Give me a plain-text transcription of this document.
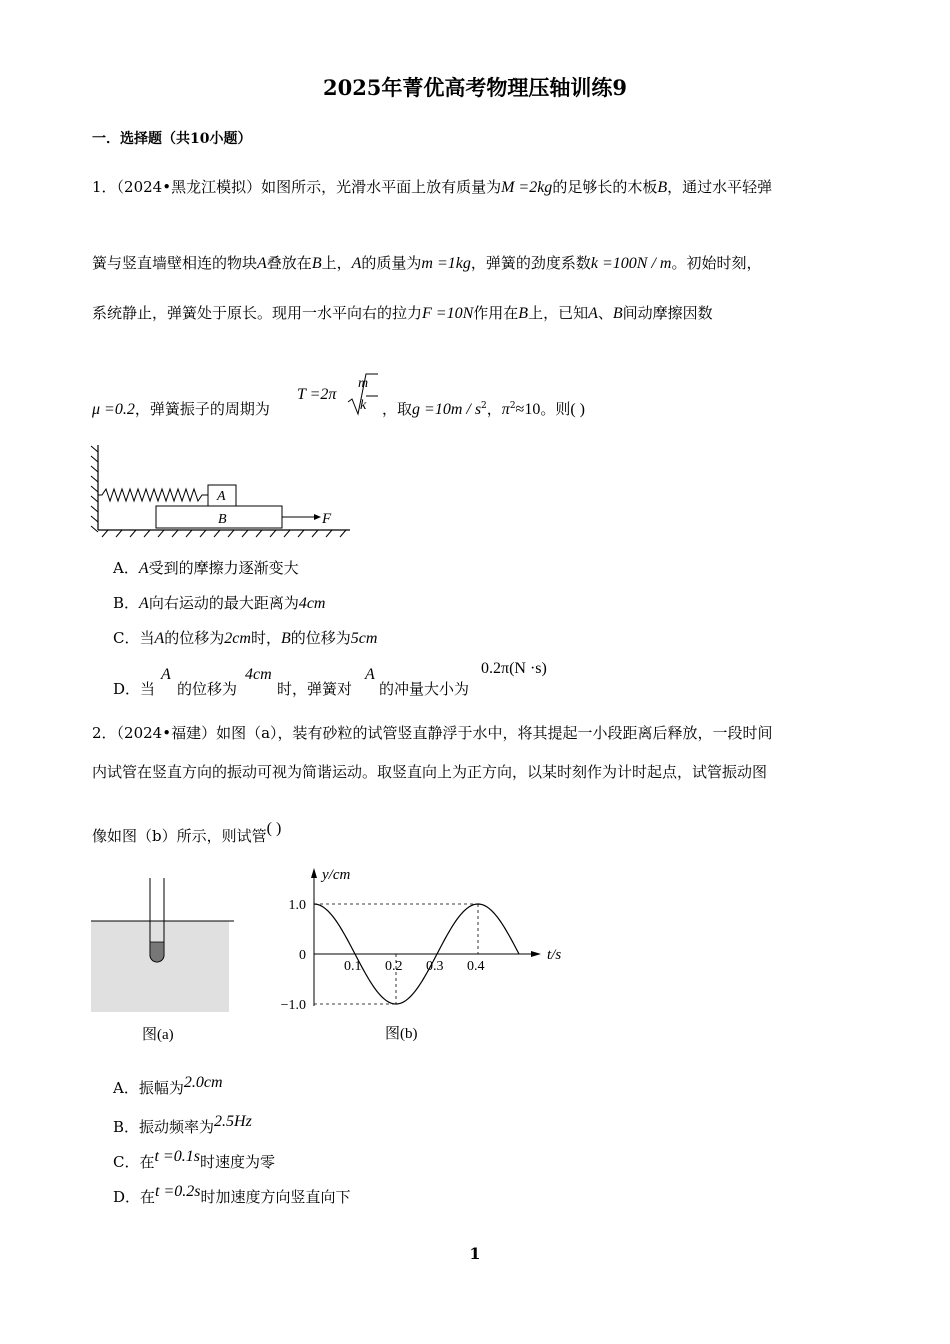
2025年菁优高考物理压轴训练9
一．选择题（共10小题）
1．（2024•黑龙江模拟）如图所示，光滑水平面上放有质量为M =2kg的足够长的木板B，通过水平轻弹
簧与竖直墙壁相连的物块A叠放在B上，A的质量为m =1kg，弹簧的劲度系数k =100N / m。初始时刻，
系统静止，弹簧处于原长。现用一水平向右的拉力F =10N作用在B上，已知A、B间动摩擦因数
μ =0.2，弹簧振子的周期为
T =2π
m
k ，取$g =10m / s^2$，$\pi^2\approx 10$。则( )
A
B	F
A．A受到的摩擦力逐渐变大
B．A向右运动的最大距离为4cm
C．当A的位移为2cm时，B的位移为5cm
D．当
A
的位移为
4cm
时，弹簧对
A
的冲量大小为
0.2π(N ·s)
2．（2024•福建）如图（a），装有砂粒的试管竖直静浮于水中，将其提起一小段距离后释放，一段时间
内试管在竖直方向的振动可视为简谐运动。取竖直向上为正方向，以某时刻作为计时起点，试管振动图
像如图（b）所示，则试管( )
图(a)
y/cm
t/s
0.1 0.2 0.3 0.4
1.0
0
−1.0
图(b)
A．振幅为2.0cm
B．振动频率为2.5Hz
C．在t =0.1s时速度为零
D．在t =0.2s时加速度方向竖直向下
1
